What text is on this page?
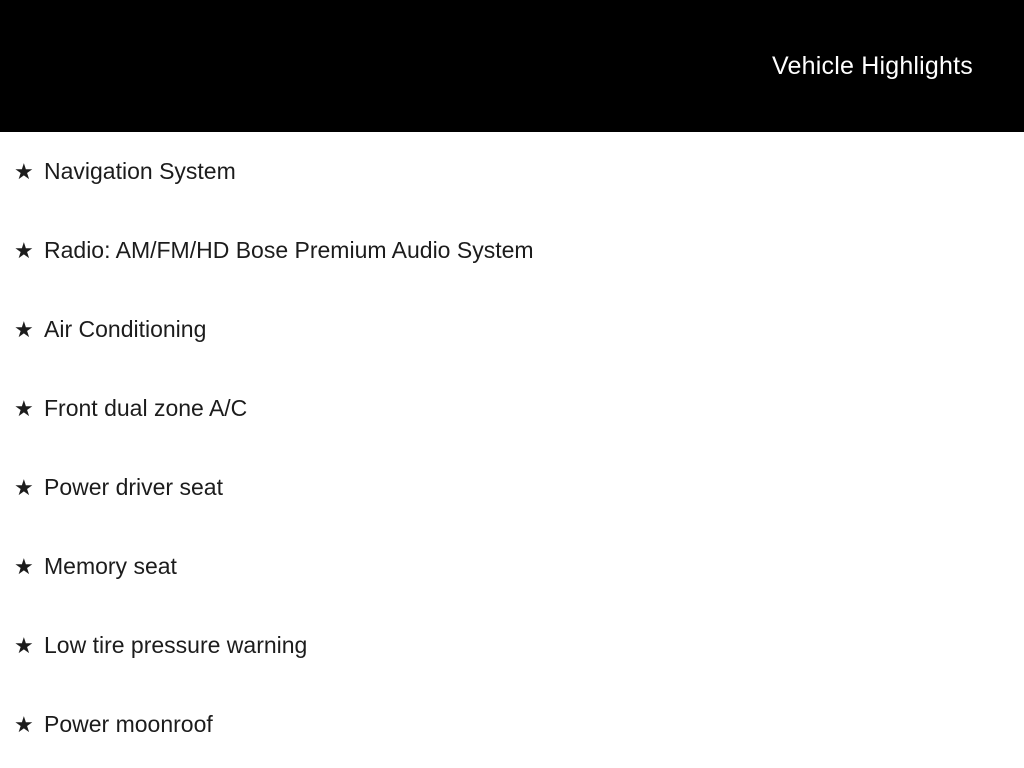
Vehicle Highlights
★ Navigation System
★ Radio: AM/FM/HD Bose Premium Audio System
★ Air Conditioning
★ Front dual zone A/C
★ Power driver seat
★ Memory seat
★ Low tire pressure warning
★ Power moonroof
